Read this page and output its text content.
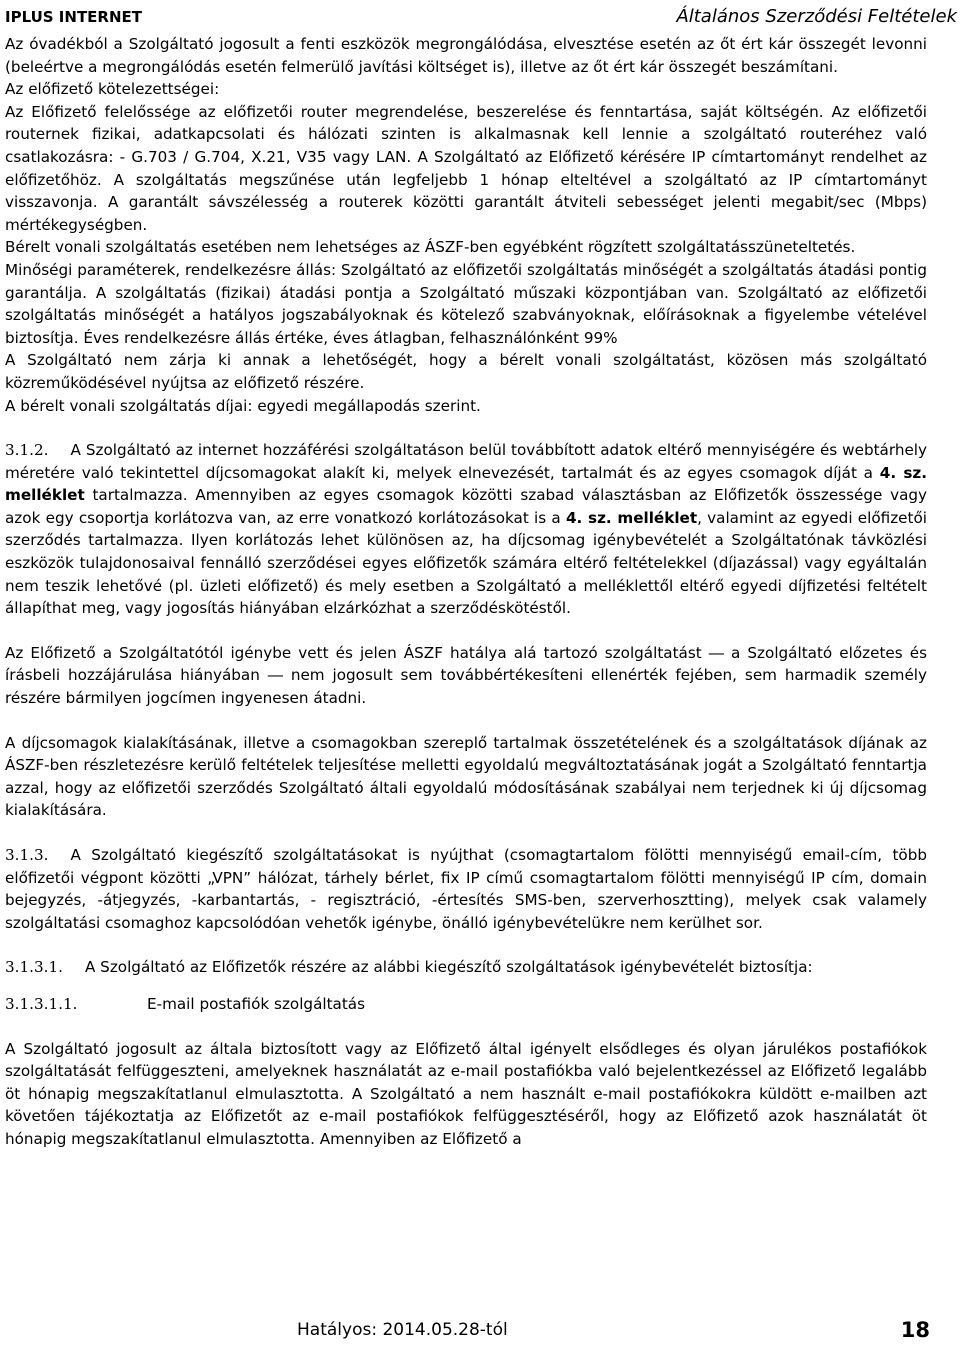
IPLUS INTERNET	Általános Szerződési Feltételek

Az óvadékból a Szolgáltató jogosult a fenti eszközök megrongálódása, elvesztése esetén az őt ért kár összegét levonni (beleértve a megrongálódás esetén felmerülő javítási költséget is), illetve az őt ért kár összegét beszámítani.

Az előfizető kötelezettségei:

Az Előfizető felelőssége az előfizetői router megrendelése, beszerelése és fenntartása, saját költségén. Az előfizetői routernek fizikai, adatkapcsolati és hálózati szinten is alkalmasnak kell lennie a szolgáltató routeréhez való csatlakozásra: - G.703 / G.704, X.21, V35 vagy LAN. A Szolgáltató az Előfizető kérésére IP címtartományt rendelhet az előfizetőhöz. A szolgáltatás megszűnése után legfeljebb 1 hónap elteltével a szolgáltató az IP címtartományt visszavonja. A garantált sávszélesség a routerek közötti garantált átviteli sebességet jelenti megabit/sec (Mbps) mértékegységben.

Bérelt vonali szolgáltatás esetében nem lehetséges az ÁSZF-ben egyébként rögzített szolgáltatásszüneteltetés.

Minőségi paraméterek, rendelkezésre állás: Szolgáltató az előfizetői szolgáltatás minőségét a szolgáltatás átadási pontig garantálja. A szolgáltatás (fizikai) átadási pontja a Szolgáltató műszaki központjában van. Szolgáltató az előfizetői szolgáltatás minőségét a hatályos jogszabályoknak és kötelező szabványoknak, előírásoknak a figyelembe vételével biztosítja. Éves rendelkezésre állás értéke, éves átlagban, felhasználónként 99%

A Szolgáltató nem zárja ki annak a lehetőségét, hogy a bérelt vonali szolgáltatást, közösen más szolgáltató közreműködésével nyújtsa az előfizető részére.

A bérelt vonali szolgáltatás díjai: egyedi megállapodás szerint.

3.1.2. A Szolgáltató az internet hozzáférési szolgáltatáson belül továbbított adatok eltérő mennyiségére és webtárhely méretére való tekintettel díjcsomagokat alakít ki, melyek elnevezését, tartalmát és az egyes csomagok díját a 4. sz. melléklet tartalmazza. Amennyiben az egyes csomagok közötti szabad választásban az Előfizetők összessége vagy azok egy csoportja korlátozva van, az erre vonatkozó korlátozásokat is a 4. sz. melléklet, valamint az egyedi előfizetői szerződés tartalmazza. Ilyen korlátozás lehet különösen az, ha díjcsomag igénybevételét a Szolgáltatónak távközlési eszközök tulajdonosaival fennálló szerződései egyes előfizetők számára eltérő feltételekkel (díjazással) vagy egyáltalán nem teszik lehetővé (pl. üzleti előfizető) és mely esetben a Szolgáltató a melléklettől eltérő egyedi díjfizetési feltételt állapíthat meg, vagy jogosítás hiányában elzárkózhat a szerződéskötéstől.

Az Előfizető a Szolgáltatótól igénybe vett és jelen ÁSZF hatálya alá tartozó szolgáltatást ― a Szolgáltató előzetes és írásbeli hozzájárulása hiányában ― nem jogosult sem továbbértékesíteni ellenérték fejében, sem harmadik személy részére bármilyen jogcímen ingyenesen átadni.

A díjcsomagok kialakításának, illetve a csomagokban szereplő tartalmak összetételének és a szolgáltatások díjának az ÁSZF-ben részletezésre kerülő feltételek teljesítése melletti egyoldalú megváltoztatásának jogát a Szolgáltató fenntartja azzal, hogy az előfizetői szerződés Szolgáltató általi egyoldalú módosításának szabályai nem terjednek ki új díjcsomag kialakítására.

3.1.3. A Szolgáltató kiegészítő szolgáltatásokat is nyújthat (csomagtartalom fölötti mennyiségű email-cím, több előfizetői végpont közötti „VPN” hálózat, tárhely bérlet, fix IP című csomagtartalom fölötti mennyiségű IP cím, domain bejegyzés, -átjegyzés, -karbantartás, - regisztráció, -értesítés SMS-ben, szerverhosztting), melyek csak valamely szolgáltatási csomaghoz kapcsolódóan vehetők igénybe, önálló igénybevételükre nem kerülhet sor.

3.1.3.1. A Szolgáltató az Előfizetők részére az alábbi kiegészítő szolgáltatások igénybevételét biztosítja:

3.1.3.1.1.	E-mail postafiók szolgáltatás

A Szolgáltató jogosult az általa biztosított vagy az Előfizető által igényelt elsődleges és olyan járulékos postafiókok szolgáltatását felfüggeszteni, amelyeknek használatát az e-mail postafiókba való bejelentkezéssel az Előfizető legalább öt hónapig megszakítatlanul elmulasztotta. A Szolgáltató a nem használt e-mail postafiókokra küldött e-mailben azt követően tájékoztatja az Előfizetőt az e-mail postafiókok felfüggesztéséről, hogy az Előfizető azok használatát öt hónapig megszakítatlanul elmulasztotta. Amennyiben az Előfizető a

Hatályos: 2014.05.28-tól	18
